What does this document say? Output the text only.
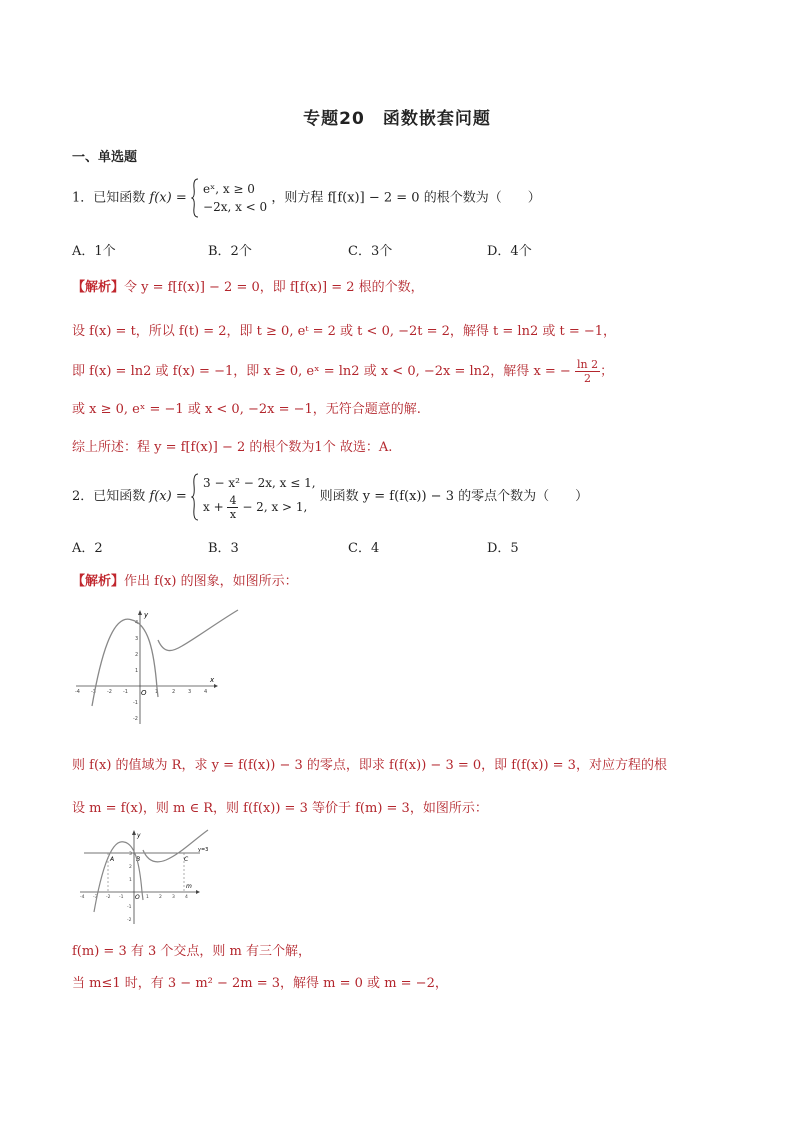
专题20　函数嵌套问题
一、单选题
1．已知函数 f(x) =  eˣ, x ≥ 0
−2x, x < 0 ，则方程 f[f(x)] − 2 = 0 的根个数为（　　）
A．1个	B．2个	C．3个	D．4个
【解析】令 y = f[f(x)] − 2 = 0，即 f[f(x)] = 2 根的个数，
设 f(x) = t，所以 f(t) = 2，即 t ≥ 0, eᵗ = 2 或 t < 0, −2t = 2，解得 t = ln2 或 t = −1，
即 f(x) = ln2 或 f(x) = −1，即 x ≥ 0, eˣ = ln2 或 x < 0, −2x = ln2，解得 x = − $\frac{\ln 2}{2}$ ；
或 x ≥ 0, eˣ = −1 或 x < 0, −2x = −1，无符合题意的解.
综上所述：程 y = f[f(x)] − 2 的根个数为1个 故选：A.
2．已知函数 f(x) =  3 − x² − 2x, x ≤ 1,
$x + \frac{4}{x} - 2$, x > 1, 则函数 y = f(f(x)) − 3 的零点个数为（　　）
A．2	B．3	C．4	D．5
【解析】作出 f(x) 的图象，如图所示：
y
x
O
-4 -3 -2 -1	1	2	3	4
4
3
2
1
-1
-2
则 f(x) 的值域为 R，求 y = f(f(x)) − 3 的零点，即求 f(f(x)) − 3 = 0，即 f(f(x)) = 3，对应方程的根
设 m = f(x)，则 m ∈ R，则 f(f(x)) = 3 等价于 f(m) = 3，如图所示：
y
m
y=3
A	B	C
O
-4 -3 -2 -1	1 2 3 4
3
2
1
-1
-2
f(m) = 3 有 3 个交点，则 m 有三个解，
当 m≤1 时，有 3 − m² − 2m = 3，解得 m = 0 或 m = −2，
